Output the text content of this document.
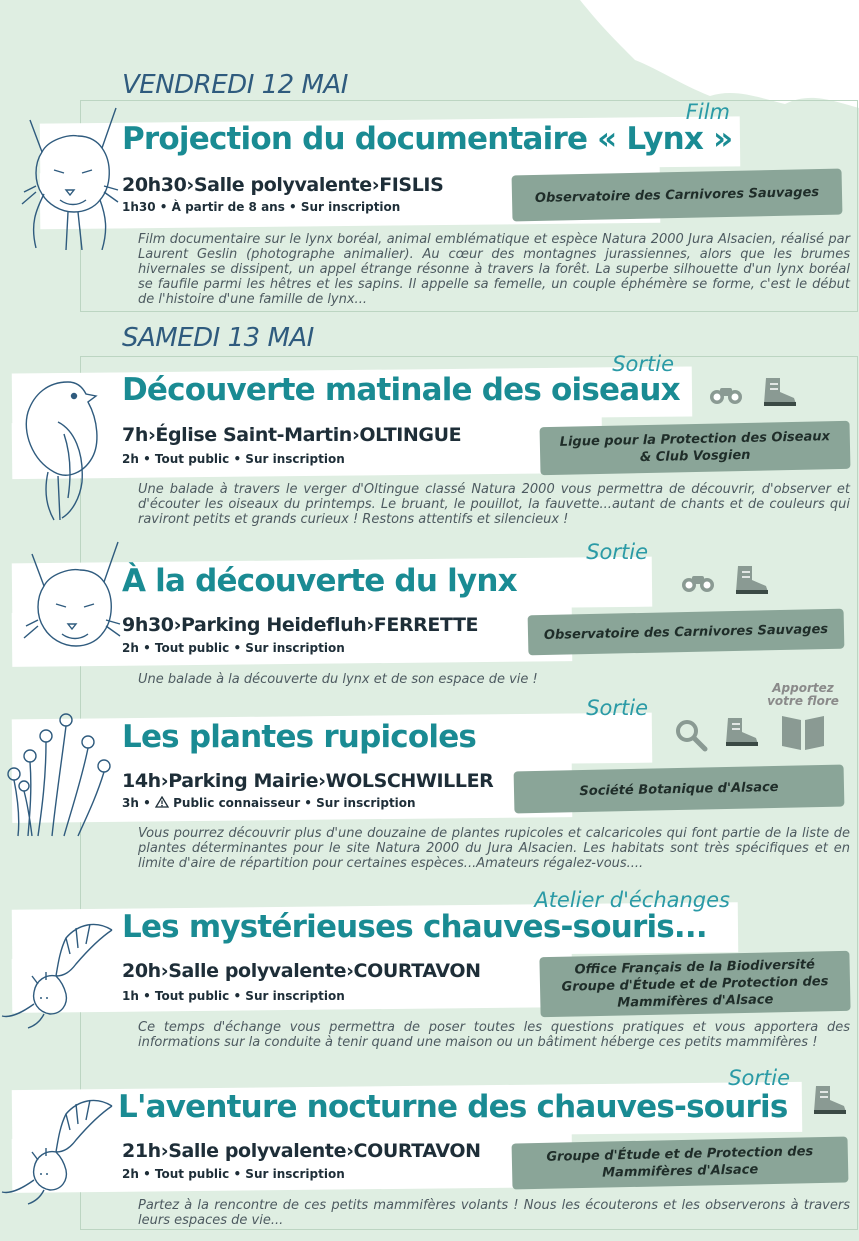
VENDREDI 12 MAI
Film
Projection du documentaire « Lynx »
20h30›Salle polyvalente›FISLIS
1h30 • À partir de 8 ans • Sur inscription
Observatoire des Carnivores Sauvages
Film documentaire sur le lynx boréal, animal emblématique et espèce Natura 2000 Jura Alsacien, réalisé par Laurent Geslin (photographe animalier). Au cœur des montagnes jurassiennes, alors que les brumes hivernales se dissipent, un appel étrange résonne à travers la forêt. La superbe silhouette d'un lynx boréal se faufile parmi les hêtres et les sapins. Il appelle sa femelle, un couple éphémère se forme, c'est le début de l'histoire d'une famille de lynx...
SAMEDI 13 MAI
Sortie
Découverte matinale des oiseaux
7h›Église Saint-Martin›OLTINGUE
2h • Tout public • Sur inscription
Ligue pour la Protection des Oiseaux
& Club Vosgien
Une balade à travers le verger d'Oltingue classé Natura 2000 vous permettra de découvrir, d'observer et d'écouter les oiseaux du printemps. Le bruant, le pouillot, la fauvette...autant de chants et de couleurs qui raviront petits et grands curieux ! Restons attentifs et silencieux !
Sortie
À la découverte du lynx
9h30›Parking Heidefluh›FERRETTE
2h • Tout public • Sur inscription
Observatoire des Carnivores Sauvages
Une balade à la découverte du lynx et de son espace de vie !
Sortie
Les plantes rupicoles
Apportez votre flore
14h›Parking Mairie›WOLSCHWILLER
3h • Public connaisseur • Sur inscription
Société Botanique d'Alsace
Vous pourrez découvrir plus d'une douzaine de plantes rupicoles et calcaricoles qui font partie de la liste de plantes déterminantes pour le site Natura 2000 du Jura Alsacien. Les habitats sont très spécifiques et en limite d'aire de répartition pour certaines espèces...Amateurs régalez-vous....
Atelier d'échanges
Les mystérieuses chauves-souris...
20h›Salle polyvalente›COURTAVON
1h • Tout public • Sur inscription
Office Français de la Biodiversité
Groupe d'Étude et de Protection des
Mammifères d'Alsace
Ce temps d'échange vous permettra de poser toutes les questions pratiques et vous apportera des informations sur la conduite à tenir quand une maison ou un bâtiment héberge ces petits mammifères !
Sortie
L'aventure nocturne des chauves-souris
21h›Salle polyvalente›COURTAVON
2h • Tout public • Sur inscription
Groupe d'Étude et de Protection des
Mammifères d'Alsace
Partez à la rencontre de ces petits mammifères volants ! Nous les écouterons et les observerons à travers leurs espaces de vie...
